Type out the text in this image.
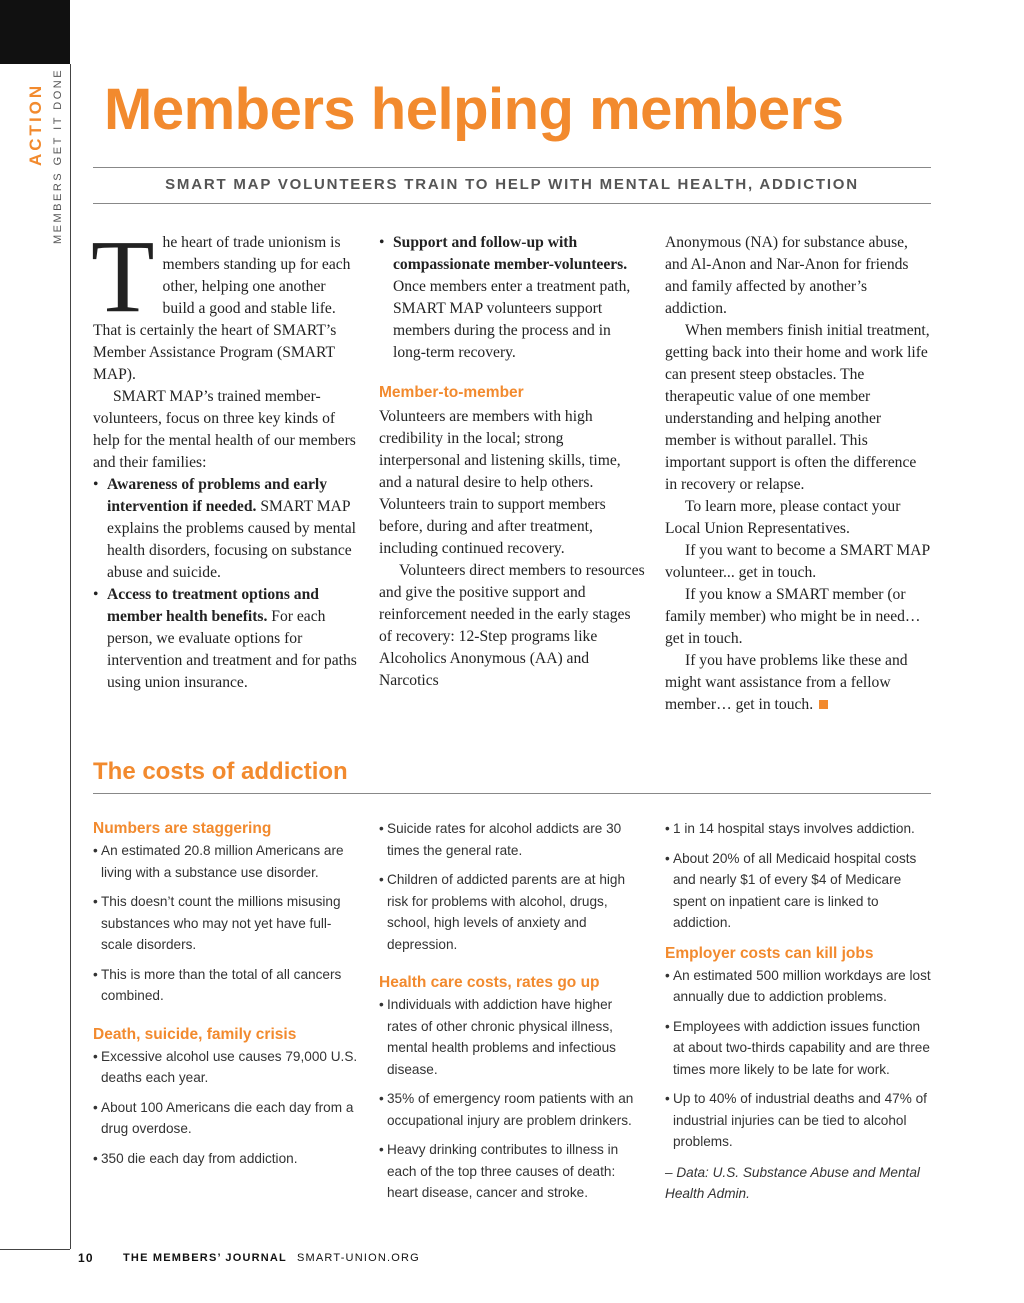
ACTION MEMBERS GET IT DONE Members helping members
SMART MAP VOLUNTEERS TRAIN TO HELP WITH MENTAL HEALTH, ADDICTION

The heart of trade unionism is members standing up for each other, helping one another build a good and stable life. That is certainly the heart of SMART’s Member Assistance Program (SMART MAP).

SMART MAP’s trained member-volunteers, focus on three key kinds of help for the mental health of our members and their families:

• Awareness of problems and early intervention if needed. SMART MAP explains the problems caused by mental health disorders, focusing on substance abuse and suicide.
• Access to treatment options and member health benefits. For each person, we evaluate options for intervention and treatment and for paths using union insurance.
• Support and follow-up with compassionate member-volunteers. Once members enter a treatment path, SMART MAP volunteers support members during the process and in long-term recovery.
Member-to-member

Volunteers are members with high credibility in the local; strong interpersonal and listening skills, time, and a natural desire to help others. Volunteers train to support members before, during and after treatment, including continued recovery.

Volunteers direct members to resources and give the positive support and reinforcement needed in the early stages of recovery: 12-Step programs like Alcoholics Anonymous (AA) and Narcotics

Anonymous (NA) for substance abuse, and Al-Anon and Nar-Anon for friends and family affected by another’s addiction.

When members finish initial treatment, getting back into their home and work life can present steep obstacles. The therapeutic value of one member understanding and helping another member is without parallel. This important support is often the difference in recovery or relapse.

To learn more, please contact your Local Union Representatives.

If you want to become a SMART MAP volunteer... get in touch.

If you know a SMART member (or family member) who might be in need… get in touch.

If you have problems like these and might want assistance from a fellow member… get in touch.

The costs of addiction

Numbers are staggering

• An estimated 20.8 million Americans are living with a substance use disorder.
• This doesn’t count the millions misusing substances who may not yet have full-scale disorders.
• This is more than the total of all cancers combined.

Death, suicide, family crisis

• Excessive alcohol use causes 79,000 U.S. deaths each year.
• About 100 Americans die each day from a drug overdose.
• 350 die each day from addiction.
• Suicide rates for alcohol addicts are 30 times the general rate.
• Children of addicted parents are at high risk for problems with alcohol, drugs, school, high levels of anxiety and depression.

Health care costs, rates go up

• Individuals with addiction have higher rates of other chronic physical illness, mental health problems and infectious disease.
• 35% of emergency room patients with an occupational injury are problem drinkers.
• Heavy drinking contributes to illness in each of the top three causes of death: heart disease, cancer and stroke.
• 1 in 14 hospital stays involves addiction.
• About 20% of all Medicaid hospital costs and nearly $1 of every $4 of Medicare spent on inpatient care is linked to addiction.

Employer costs can kill jobs

• An estimated 500 million workdays are lost annually due to addiction problems.
• Employees with addiction issues function at about two-thirds capability and are three times more likely to be late for work.
• Up to 40% of industrial deaths and 47% of industrial injuries can be tied to alcohol problems.

– Data: U.S. Substance Abuse and Mental Health Admin.

10	THE MEMBERS’ JOURNAL SMART-UNION.ORG
